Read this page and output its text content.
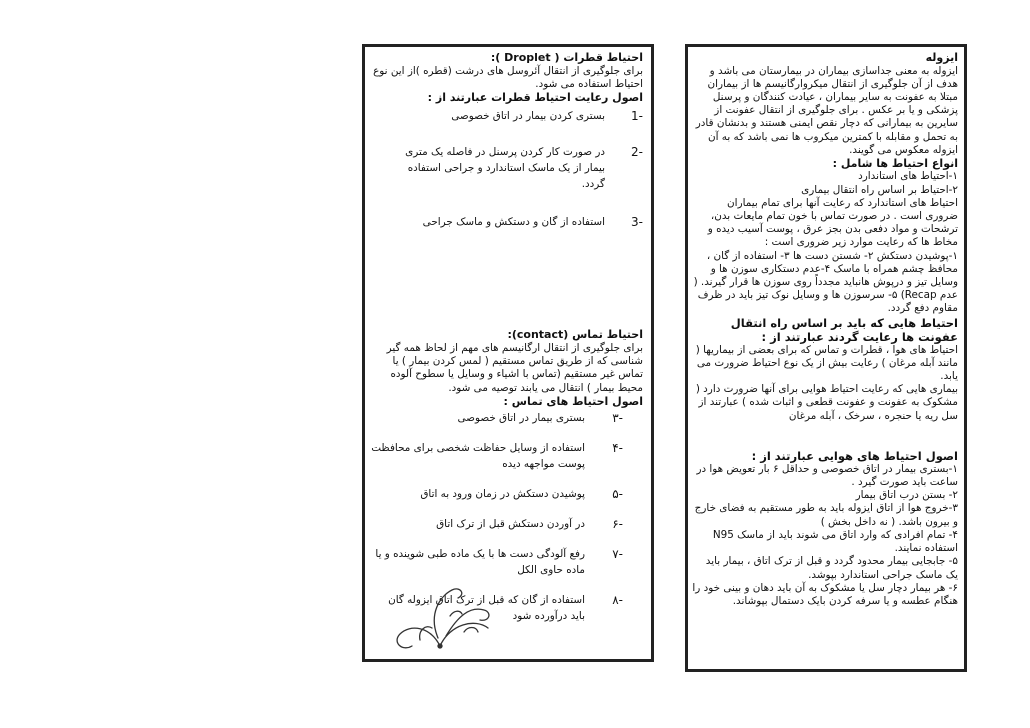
احتیاط قطرات ( Droplet ):

برای جلوگیری از انتقال آئروسل های درشت (قطره )از این نوع احتیاط استفاده می شود.

اصول رعایت احتیاط قطرات عبارتند از :

-1
بستری کردن بیمار در اتاق خصوصی
-2
در صورت کار کردن پرسنل در فاصله یک متری بیمار از یک ماسک استاندارد و جراحی استفاده گردد.
-3
استفاده از گان و دستکش و ماسک جراحی

احتیاط تماس (contact):

برای جلوگیری از انتقال ارگانیسم های مهم از لحاظ همه گیر شناسی که از طریق تماس مستقیم ( لمس کردن بیمار ) یا تماس غیر مستقیم (تماس با اشیاء و وسایل یا سطوح آلوده محیط بیمار ) انتقال می یابند توصیه می شود.

اصول احتیاط های تماس :

-۳
بستری بیمار در اتاق خصوصی
-۴
استفاده از وسایل حفاظت شخصی برای محافظت پوست مواجهه دیده
-۵
پوشیدن دستکش در زمان ورود به اتاق
-۶
در آوردن دستکش قبل از ترک اتاق
-۷
رفع آلودگی دست ها با یک ماده طبی شوینده و یا ماده حاوی الکل
-۸
استفاده از گان که قبل از ترک اتاق ایزوله گان باید درآورده شود

ایزوله

ایزوله به معنی جداسازی بیماران در بیمارستان می باشد و هدف از آن جلوگیری از انتقال میکروارگانیسم ها از بیماران مبتلا به عفونت به سایر بیماران ، عیادت کنندگان و پرسنل پزشکی و یا بر عکس . برای جلوگیری از انتقال عفونت از سایرین به بیمارانی که دچار نقص ایمنی هستند و بدنشان قادر به تحمل و مقابله با کمترین میکروب ها نمی باشد که به آن ایزوله معکوس می گویند.

انواع احتیاط ها شامل :

۱-احتیاط های استاندارد

۲-احتیاط بر اساس راه انتقال بیماری

احتیاط های استاندارد که رعایت آنها برای تمام بیماران ضروری است . در صورت تماس با خون تمام مایعات بدن، ترشحات و مواد دفعی بدن بجز عرق ، پوست آسیب دیده و مخاط ها که رعایت موارد زیر ضروری است :

۱-پوشیدن دستکش ۲- شستن دست ها ۳- استفاده از گان ، محافظ چشم همراه با ماسک ۴-عدم دستکاری سوزن ها و وسایل تیز و درپوش هانباید مجدداً روی سوزن ها قرار گیرند. ( عدم Recap) ۵- سرسوزن ها و وسایل نوک تیز باید در ظرف مقاوم دفع گردد.

احتیاط هایی که باید بر اساس راه انتقال عفونت ها رعایت گردند عبارتند از :

احتیاط های هوا ، قطرات و تماس که برای بعضی از بیماریها ( مانند آبله مرغان ) رعایت بیش از یک نوع احتیاط ضرورت می یابد.

بیماری هایی که رعایت احتیاط هوایی برای آنها ضرورت دارد ( مشکوک به عفونت و عفونت قطعی و اثبات شده ) عبارتند از سل ریه یا حنجره ، سرخک ، آبله مرغان

اصول احتیاط های هوایی عبارتند از :

۱-بستری بیمار در اتاق خصوصی و حداقل ۶ بار تعویض هوا در ساعت باید صورت گیرد .

۲- بستن درب اتاق بیمار

۳-خروج هوا از اتاق ایزوله باید به طور مستقیم به فضای خارج و بیرون باشد. ( نه داخل بخش )

۴- تمام افرادی که وارد اتاق می شوند باید از ماسک N95 استفاده نمایند.

۵- جابجایی بیمار محدود گردد و قبل از ترک اتاق ، بیمار باید یک ماسک جراحی استاندارد بپوشد.

۶- هر بیمار دچار سل یا مشکوک به آن باید دهان و بینی خود را هنگام عطسه و یا سرفه کردن بایک دستمال بپوشاند.
